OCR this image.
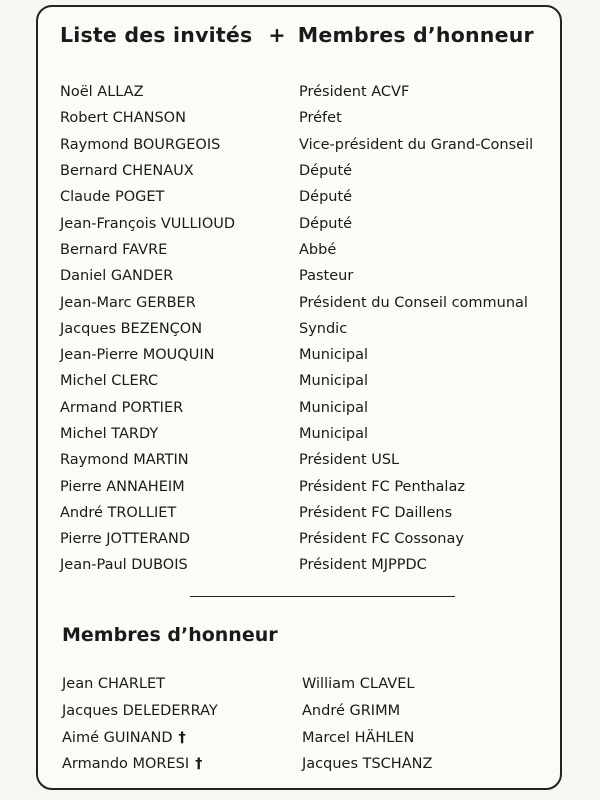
Liste des invités + Membres d’honneur
Noël ALLAZ	Président ACVF
Robert CHANSON	Préfet
Raymond BOURGEOIS	Vice-président du Grand-Conseil
Bernard CHENAUX	Député
Claude POGET	Député
Jean-François VULLIOUD	Député
Bernard FAVRE	Abbé
Daniel GANDER	Pasteur
Jean-Marc GERBER	Président du Conseil communal
Jacques BEZENÇON	Syndic
Jean-Pierre MOUQUIN	Municipal
Michel CLERC	Municipal
Armand PORTIER	Municipal
Michel TARDY	Municipal
Raymond MARTIN	Président USL
Pierre ANNAHEIM	Président FC Penthalaz
André TROLLIET	Président FC Daillens
Pierre JOTTERAND	Président FC Cossonay
Jean-Paul DUBOIS	Président MJPPDC
Membres d’honneur
Jean CHARLET	William CLAVEL
Jacques DELEDERRAY	André GRIMM
Aimé GUINAND †	Marcel HÄHLEN
Armando MORESI †	Jacques TSCHANZ
